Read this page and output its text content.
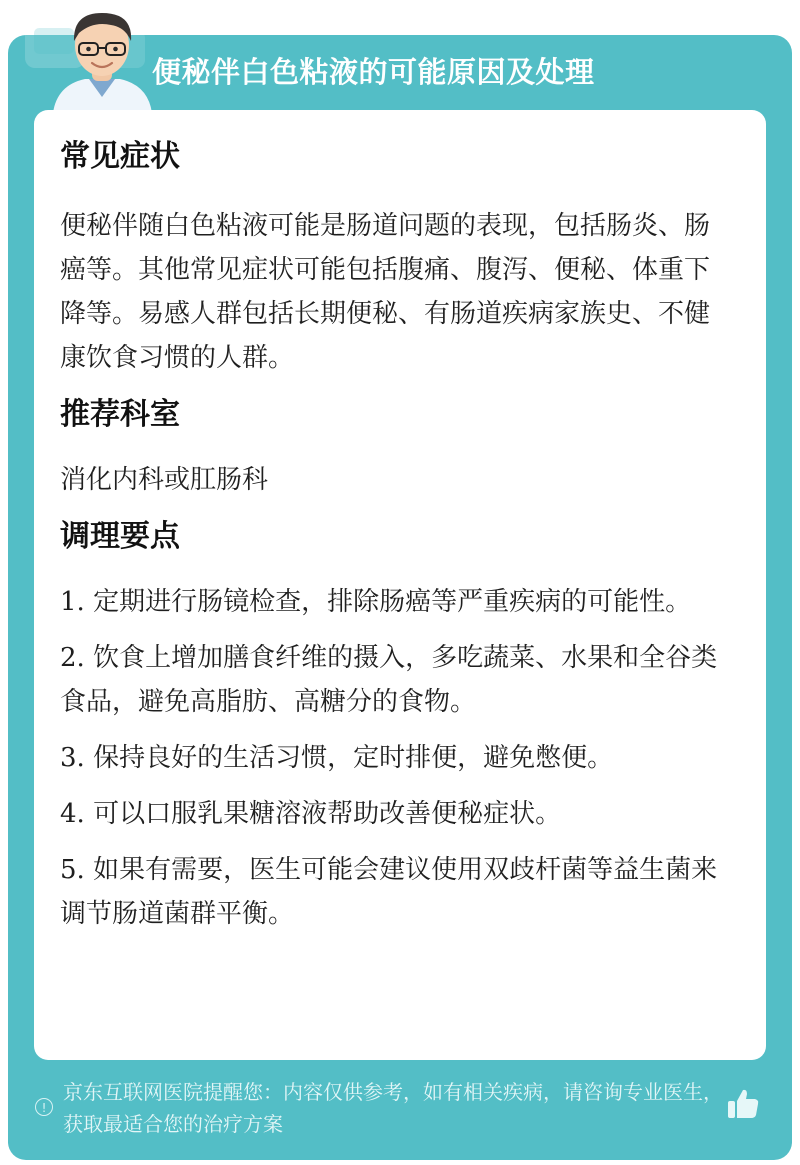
便秘伴白色粘液的可能原因及处理
常见症状

便秘伴随白色粘液可能是肠道问题的表现，包括肠炎、肠癌等。其他常见症状可能包括腹痛、腹泻、便秘、体重下降等。易感人群包括长期便秘、有肠道疾病家族史、不健康饮食习惯的人群。

推荐科室

消化内科或肛肠科

调理要点
1. 定期进行肠镜检查，排除肠癌等严重疾病的可能性。
2. 饮食上增加膳食纤维的摄入，多吃蔬菜、水果和全谷类食品，避免高脂肪、高糖分的食物。
3. 保持良好的生活习惯，定时排便，避免憋便。
4. 可以口服乳果糖溶液帮助改善便秘症状。
5. 如果有需要，医生可能会建议使用双歧杆菌等益生菌来调节肠道菌群平衡。
!
京东互联网医院提醒您：内容仅供参考，如有相关疾病，请咨询专业医生，获取最适合您的治疗方案
